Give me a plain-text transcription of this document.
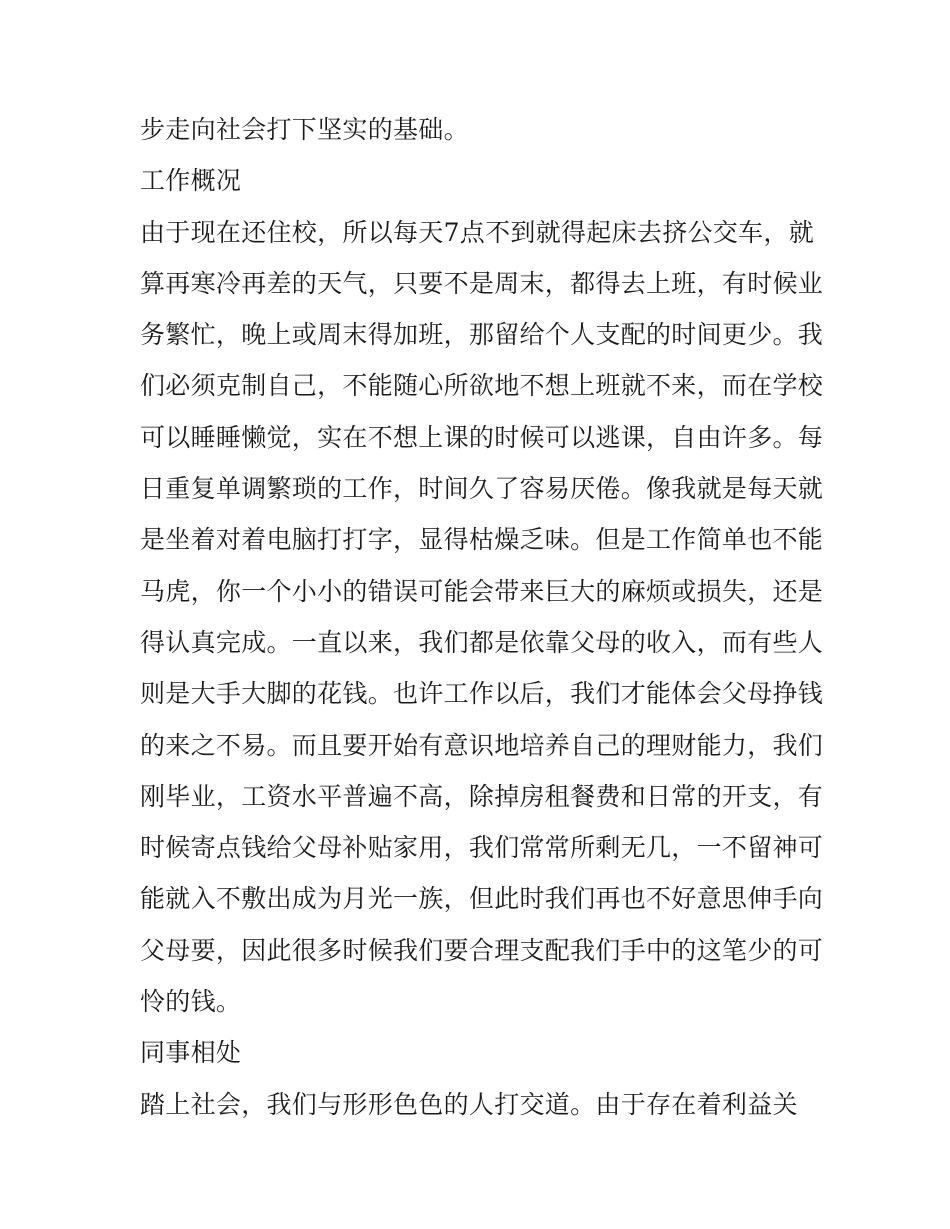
步走向社会打下坚实的基础。
工作概况
由于现在还住校，所以每天7点不到就得起床去挤公交车，就
算再寒冷再差的天气，只要不是周末，都得去上班，有时候业
务繁忙，晚上或周末得加班，那留给个人支配的时间更少。我
们必须克制自己，不能随心所欲地不想上班就不来，而在学校
可以睡睡懒觉，实在不想上课的时候可以逃课，自由许多。每
日重复单调繁琐的工作，时间久了容易厌倦。像我就是每天就
是坐着对着电脑打打字，显得枯燥乏味。但是工作简单也不能
马虎，你一个小小的错误可能会带来巨大的麻烦或损失，还是
得认真完成。一直以来，我们都是依靠父母的收入，而有些人
则是大手大脚的花钱。也许工作以后，我们才能体会父母挣钱
的来之不易。而且要开始有意识地培养自己的理财能力，我们
刚毕业，工资水平普遍不高，除掉房租餐费和日常的开支，有
时候寄点钱给父母补贴家用，我们常常所剩无几，一不留神可
能就入不敷出成为月光一族，但此时我们再也不好意思伸手向
父母要，因此很多时候我们要合理支配我们手中的这笔少的可
怜的钱。
同事相处
踏上社会，我们与形形色色的人打交道。由于存在着利益关
